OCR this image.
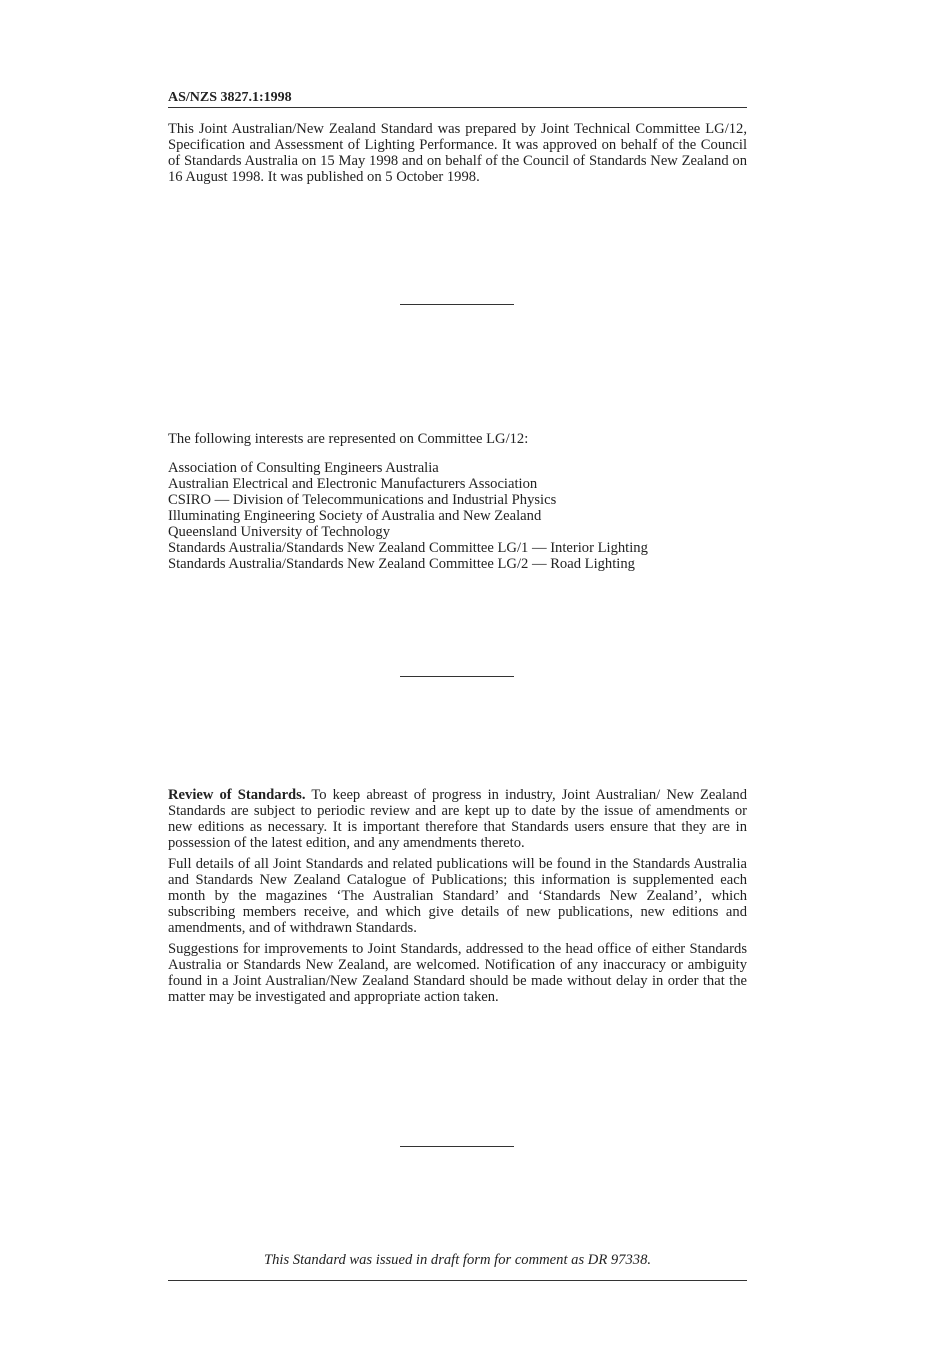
AS/NZS 3827.1:1998

This Joint Australian/New Zealand Standard was prepared by Joint Technical Committee LG/12, Specification and Assessment of Lighting Performance. It was approved on behalf of the Council of Standards Australia on 15 May 1998 and on behalf of the Council of Standards New Zealand on 16 August 1998. It was published on 5 October 1998.

The following interests are represented on Committee LG/12:

Association of Consulting Engineers Australia
Australian Electrical and Electronic Manufacturers Association
CSIRO — Division of Telecommunications and Industrial Physics
Illuminating Engineering Society of Australia and New Zealand
Queensland University of Technology
Standards Australia/Standards New Zealand Committee LG/1 — Interior Lighting
Standards Australia/Standards New Zealand Committee LG/2 — Road Lighting

Review of Standards. To keep abreast of progress in industry, Joint Australian/ New Zealand Standards are subject to periodic review and are kept up to date by the issue of amendments or new editions as necessary. It is important therefore that Standards users ensure that they are in possession of the latest edition, and any amendments thereto.

Full details of all Joint Standards and related publications will be found in the Standards Australia and Standards New Zealand Catalogue of Publications; this information is supplemented each month by the magazines ‘The Australian Standard’ and ‘Standards New Zealand’, which subscribing members receive, and which give details of new publications, new editions and amendments, and of withdrawn Standards.

Suggestions for improvements to Joint Standards, addressed to the head office of either Standards Australia or Standards New Zealand, are welcomed. Notification of any inaccuracy or ambiguity found in a Joint Australian/New Zealand Standard should be made without delay in order that the matter may be investigated and appropriate action taken.

This Standard was issued in draft form for comment as DR 97338.
